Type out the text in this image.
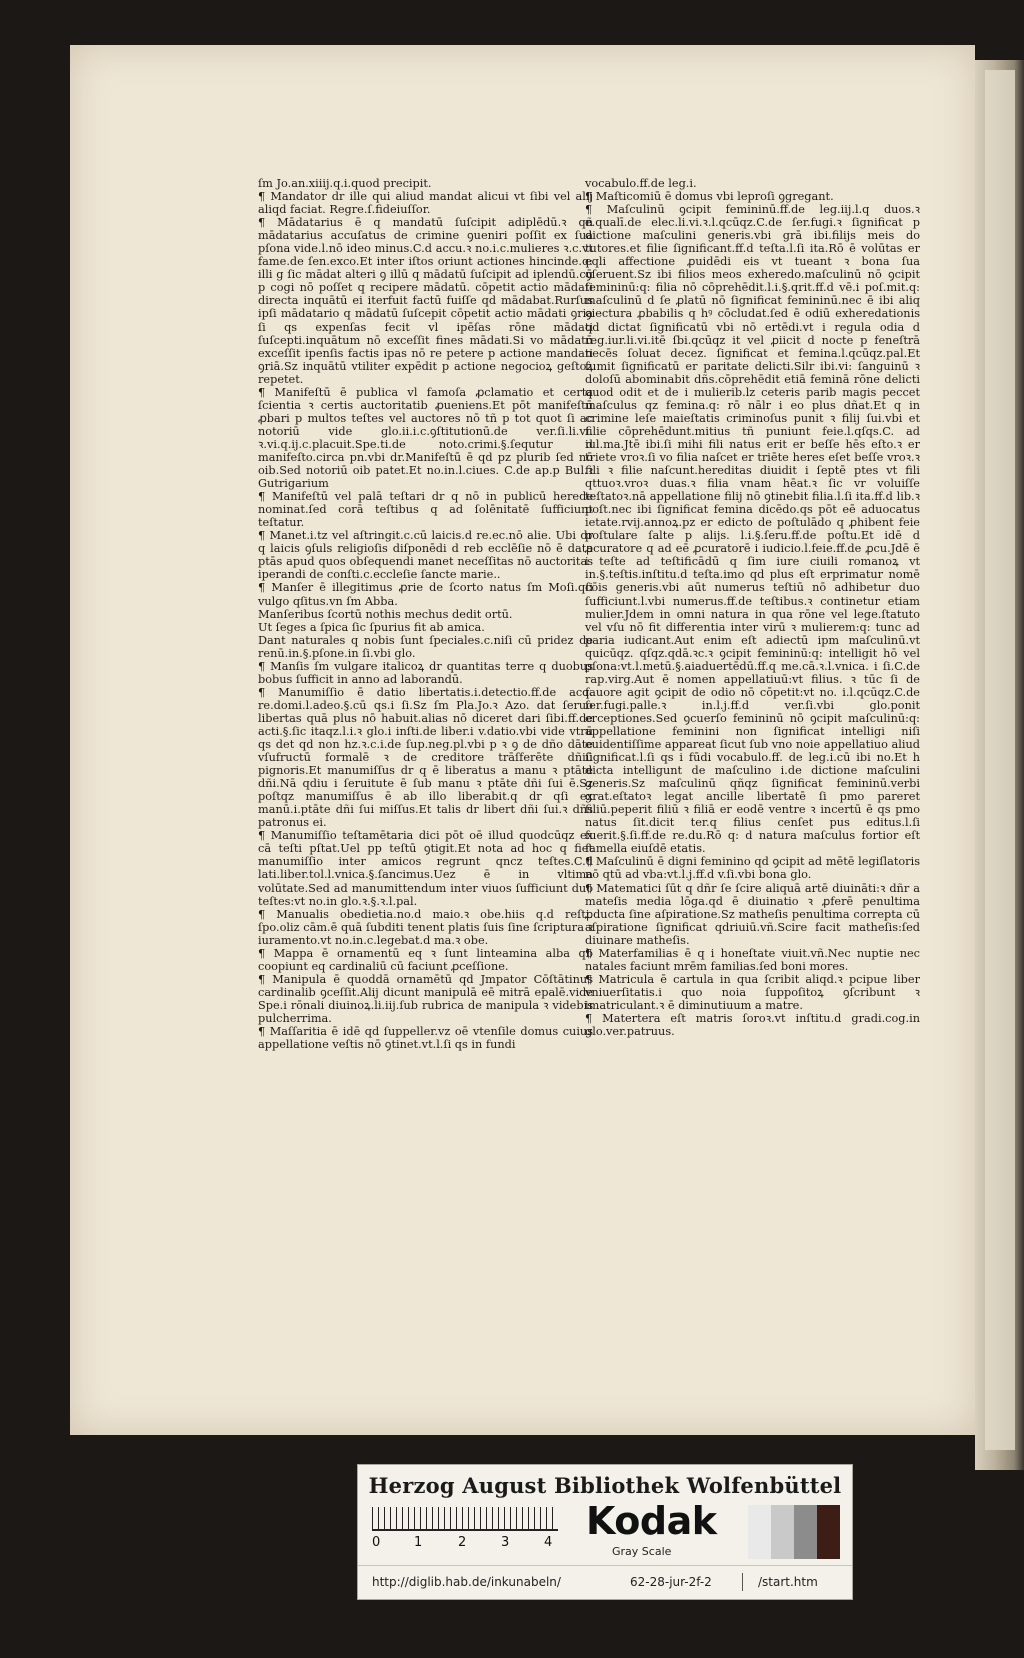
ſm Jo.an.xiiij.q.i.quod precipit.

¶ Mandator dr ille qui aliud mandat alicui vt ſibi vel alij aliqd faciat. Regre.ſ.fideiuſſor.

¶ Mādatarius ē q mandatū ſuſcipit adiplēdū.ꝛ qñ mādatarius accuſatus de crimine ꝯueniri poſſit ex ſua pſona vide.l.nō ideo minus.C.d accu.ꝛ no.i.c.mulieres ꝛ.c.vt fame.de ſen.exco.Et inter iſtos oriunt actiones hincinde.q: illi g ſic mādat alteri ꝯ illū q mādatū ſuſcipit ad iplendū.cū p cogi nō poſſet q recipere mādatū. cōpetit actio mādati directa inquātū ei iterfuit factū fuiſſe qd mādabat.Rurſus ipſi mādatario q mādatū ſuſcepit cōpetit actio mādati ꝯria ſi qs expenſas fecit vl ipēſas rōne mādati ſuſcepti.inquātum nō exceſſit fines mādati.Si vo mādatū exceſſit ipenſis factis ipas nō re petere p actione mandati ꝯriā.Sz inquātū vtiliter expēdit p actione negocioꝝ geſtoꝝ repetet.

¶ Manifeſtū ē publica vl famoſa ꝓclamatio et certa ſcientia ꝛ certis auctoritatib ꝓueniens.Et pōt manifeſtū ꝓbari p multos teſtes vel auctores nō tñ p tot quot ſi ac notoriū vide glo.ii.i.c.ꝯſtitutionū.de ver.ſi.li.vi. ꝛ.vi.q.ij.c.placuit.Spe.ti.de noto.crimi.§.ſequtur d manifeſto.circa pn.vbi dr.Manifeſtū ē qd pz plurib ſed nō oib.Sed notoriū oib patet.Et no.in.l.ciues. C.de ap.p Bul.ꝛ Gutrigarium

¶ Manifeſtū vel palā teſtari dr q nō in publicū herede nominat.ſed corā teſtibus q ad ſolēnitatē ſufficiunt teſtatur.

¶ Manet.i.tz vel aſtringit.c.cū laicis.d re.ec.nō alie. Ubi dr q laicis ꝯſuls religioſis diſponēdi d reb ecclēſie nō ē data ptās apud quos obſequendi manet neceſſitas nō auctoritas iperandi de conſti.c.eccleſie ſancte marie..

¶ Manſer ē illegitimus ꝓrie de ſcorto natus ſm Moſi.qſi vulgo qſitus.vn ſm Abba.

Manſeribus ſcortū nothis mechus dedit ortū.

Ut ſeges a ſpica ſic ſpurius fit ab amica.

Dant naturales q nobis ſunt ſpeciales.c.niſi cū pridez de renū.in.§.pſone.in ſi.vbi glo.

¶ Manſis ſm vulgare italicoꝝ dr quantitas terre q duobus bobus ſufficit in anno ad laborandū.

¶ Manumiſſio ē datio libertatis.i.detectio.ff.de acq. re.domi.l.adeo.§.cū qs.i ſi.Sz ſm Pla.Jo.ꝛ Azo. dat ſeruo libertas quā plus nō habuit.alias nō diceret dari ſibi.ff.de acti.§.ſic itaqz.l.i.ꝛ glo.i inſti.de liber.i v.datio.vbi vide vtrū qs det qd non hz.ꝛ.c.i.de ſup.neg.pl.vbi p ꝛ ꝯ de dño dāte vſufructū formalē ꝛ de creditore trāſferēte dñiū pignoris.Et manumiſſus dr q ē liberatus a manu ꝛ ptāte dñi.Nā qdiu i ſeruitute ē ſub manu ꝛ ptāte dñi ſui ē.Sz poſtqz manumiſſus ē ab illo liberabit.q dr qſi ex manū.i.ptāte dñi ſui miſſus.Et talis dr libert dñi ſui.ꝛ dñs patronus ei.

¶ Manumiſſio teſtamētaria dici pōt oē illud quodcūqz ex cā teſti pſtat.Uel pp teſtū ꝯtigit.Et nota ad hoc q fiet manumiſſio inter amicos regrunt qncz teſtes.C.d lati.liber.tol.l.vnica.§.ſancimus.Uez ē in vltima volūtate.Sed ad manumittendum inter viuos ſufficiunt duo teſtes:vt no.in glo.ꝛ.§.ꝛ.l.pal.

¶ Manualis obedietia.no.d maio.ꝛ obe.hiis q.d reſti. ſpo.oliz cām.ē quā ſubditi tenent platis ſuis ſine ſcriptura ꝛ iuramento.vt no.in.c.legebat.d ma.ꝛ obe.

¶ Mappa ē ornamentū eq ꝛ ſunt linteamina alba qb coopiunt eq cardinaliū cū faciunt ꝓceſſione.

¶ Manipula ē quoddā ornamētū qd Jmpator Cōſtātinus cardinalib ꝯceſſit.Alij dicunt manipulā eē mitrā epalē.vide Spe.i rōnali diuinoꝝ.li.iij.ſub rubrica de manipula ꝛ videbis pulcherrima.

¶ Maſſaritia ē idē qd ſuppeller.vz oē vtenſile domus cuius appellatione veſtis nō ꝯtinet.vt.l.ſi qs in fundi

vocabulo.ff.de leg.i.

¶ Maſticomiū ē domus vbi leproſi ꝯgregant.

¶ Maſculinū ꝯcipit femininū.ff.de leg.iij.l.q duos.ꝛ e.qualī.de elec.li.vi.ꝛ.l.qcūqz.C.de ſer.fugi.ꝛ ſignificat p dictione maſculini generis.vbi grā ibi.filijs meis do tutores.et filie ſignificant.ff.d teſta.l.ſi ita.Rō ē volūtas er eqli affectione ꝓuidēdi eis vt tueant ꝛ bona ſua ꝯſeruent.Sz ibi filios meos exheredo.maſculinū nō ꝯcipit femininū:q: filia nō cōprehēdit.l.i.§.qrit.ff.d vē.i poſ.mit.q: maſculinū d ſe ꝓlatū nō ſignificat femininū.nec ē ibi aliq ꝯiectura ꝓbabilis q hꝰ cōcludat.ſed ē odiū exheredationis qd dictat ſignificatū vbi nō ertēdi.vt i regula odia d reg.iur.li.vi.itē ſbi.qcūqz it vel ꝓiicit d nocte p feneſtrā necēs ſoluat decez. ſignificat et femina.l.qcūqz.pal.Et ſumit ſignificatū er paritate delicti.Silr ibi.vi: ſanguinū ꝛ doloſū abominabit dñs.cōprehēdit etiā feminā rōne delicti quod odit et de i mulierib.lz ceteris parib magis peccet maſculus qz femina.q: rō nālr i eo plus dñat.Et q in crimine leſe maieſtatis criminoſus punit ꝛ filij ſui.vbi et filie cōprehēdunt.mitius tñ puniunt feie.l.qſqs.C. ad iul.ma.Jtē ibi.ſi mihi fili natus erit er beſſe hēs eſto.ꝛ er triete vroꝛ.ſi vo filia naſcet er triēte heres eſet beſſe vroꝛ.ꝛ fili ꝛ filie naſcunt.hereditas diuidit i ſeptē ptes vt fili qttuoꝛ.vroꝛ duas.ꝛ filia vnam hēat.ꝛ ſic vr voluiſſe teſtatoꝛ.nā appellatione filij nō ꝯtinebit filia.l.ſi ita.ff.d lib.ꝛ poſt.nec ibi ſignificat femina dicēdo.qs pōt eē aduocatus ietate.rvij.annoꝝ.pz er edicto de poſtulādo q ꝓhibent feie poſtulare ſalte p alijs. l.i.§.ſeru.ff.de poſtu.Et idē d ꝓcuratore q ad eē ꝓcuratorē i iudicio.l.feie.ff.de ꝓcu.Jdē ē i teſte ad teſtificādū q ſim iure ciuili romanoꝝ vt in.§.teſtis.inſtitu.d teſta.imo qd plus eſt erprimatur nomē cōis generis.vbi aūt numerus teſtiū nō adhibetur duo ſufficiunt.l.vbi numerus.ff.de teſtibus.ꝛ continetur etiam mulier.Jdem in omni natura in qua rōne vel lege.ſtatuto vel vſu nō fit differentia inter virū ꝛ mulierem:q: tunc ad paria iudicant.Aut enim eſt adiectū ipm maſculinū.vt quicūqz. qſqz.qdā.ꝛc.ꝛ ꝯcipit femininū:q: intelligit hō vel ꝑſona:vt.l.metū.§.aiaduertēdū.ff.q me.cā.ꝛ.l.vnica. i ſi.C.de rap.virg.Aut ē nomen appellatiuū:vt filius. ꝛ tūc ſi de fauore agit ꝯcipit de odio nō cōpetit:vt no. i.l.qcūqz.C.de ſer.fugi.palle.ꝛ in.l.j.ff.d ver.ſi.vbi glo.ponit erceptiones.Sed ꝯcuerſo femininū nō ꝯcipit maſculinū:q: appellatione feminini non ſignificat intelligi niſi euidentiſſime appareat ſicut ſub vno noie appellatiuo aliud ſignificat.l.ſi qs i fūdi vocabulo.ff. de leg.i.cū ibi no.Et h dicta intelligunt de maſculino i.de dictione maſculini generis.Sz maſculinū qñqz ſignificat femininū.verbi grat.eſtatoꝛ legat ancille libertatē ſi pmo pareret filiū.peperit filiū ꝛ filiā er eodē ventre ꝛ incertū ē qs pmo natus ſit.dicit ter.q filius cenſet pus editus.l.ſi fuerit.§.ſi.ff.de re.du.Rō q: d natura maſculus fortior eſt famella eiuſdē etatis.

¶ Maſculinū ē digni feminino qd ꝯcipit ad mētē legiſlatoris nō qtū ad vba:vt.l.j.ff.d v.ſi.vbi bona glo.

¶ Matematici ſūt q dñr ſe ſcire aliquā artē diuināti:ꝛ dñr a mateſis media lōga.qd ē diuinatio ꝛ ꝓferē penultima ꝓducta ſine aſpiratione.Sz matheſis penultima correpta cū aſpiratione ſignificat qdriuiū.vñ.Scire facit matheſis:ſed diuinare matheſis.

¶ Materfamilias ē q i honeſtate viuit.vñ.Nec nuptie nec natales faciunt mrēm familias.ſed boni mores.

¶ Matricula ē cartula in qua ſcribit aliqd.ꝛ pcipue liber vniuerſitatis.i quo noia ſuppoſitoꝝ ꝯſcribunt ꝛ imatriculant.ꝛ ē diminutiuum a matre.

¶ Matertera eſt matris ſoroꝛ.vt inſtitu.d gradi.cog.in glo.ver.patruus.

Herzog August Bibliothek Wolfenbüttel
0	1	2	3	4 Kodak
Gray Scale
http://diglib.hab.de/inkunabeln/	62-28-jur-2f-2	/start.htm
